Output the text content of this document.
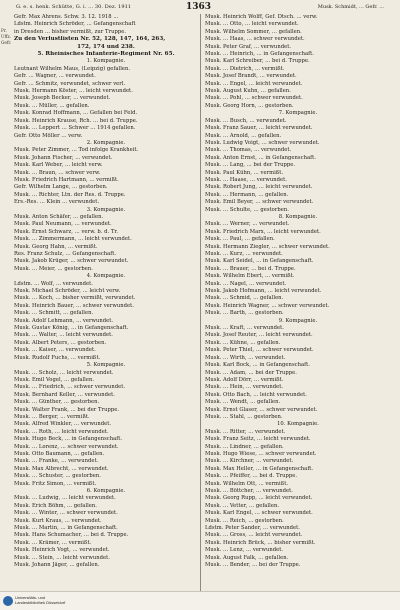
G. e. s. henk. Schütte, G. i. ... 30. Dez. 1911	1363	Musk. Schmidt, ... Gefr. ...
Pr.
Uffz.
Gefr.
Gefr. Max Ahrens. Schw. 3. 12. 1918 ...
Ldstm. Heinrich Schröder, ... Gefangenschaft
in Dresden ... bisher vermißt, zur Truppe.
Zu den Verlustlisten Nr. 52, 128, 147, 164, 263,
172, 174 und 238.
5. Rheinisches Infanterie-Regiment Nr. 65.
1. Kompagnie.
Leutnant Wilhelm Maus, (Leipzig) gefallen.
Gefr. ... Wagner, ... verwundet.
Gefr. ... Schmitz, verwundet, schwer verl.
Musk. Hermann Köster, ... leicht verwundet.
Musk. Joseph Becker, ... verwundet.
Musk. ... Müller, ... gefallen.
Musk. Konrad Hoffmann, ... Gefallen bei Feld.
Musk. Heinrich Krause, Rch. ... bei d. Truppe.
Musk. ... Leppert ... Schwer ... 1914 gefallen.
Gefr. Otto Möller ... verw.
2. Kompagnie.
Musk. Peter Zimmer, ... Tod infolge Krankheit.
Musk. Johann Fischer, ... verwundet.
Musk. Karl Weber, ... leicht verw.
Musk. ... Braun, ... schwer verw.
Musk. Friedrich Hartmann, ... vermißt.
Gefr. Wilhelm Lange, ... gestorben.
Musk. ... Richter, Ltn. der Res. d. Truppe.
Ers.-Res. ... Klein ... verwundet.
3. Kompagnie.
Musk. Anton Schäfer, ... gefallen.
Musk. Paul Neumann, ... verwundet.
Musk. Ernst Schwarz, ... verw. b. d. Tr.
Musk. ... Zimmermann, ... leicht verwundet.
Musk. Georg Hahn, ... vermißt.
Res. Franz Schulz, ... Gefangenschaft.
Musk. Jakob Krüger, ... schwer verwundet.
Musk. ... Meier, ... gestorben.
4. Kompagnie.
Ldstm. ... Wolf, ... verwundet.
Musk. Michael Schröder, ... leicht verw.
Musk. ... Koch, ... bisher vermißt, verwundet.
Musk. Heinrich Bauer, ... schwer verwundet.
Musk. ... Schmitt, ... gefallen.
Musk. Adolf Lehmann, ... verwundet.
Musk. Gustav König, ... in Gefangenschaft.
Musk. ... Walter, ... leicht verwundet.
Musk. Albert Peters, ... gestorben.
Musk. ... Kaiser, ... verwundet.
Musk. Rudolf Fuchs, ... vermißt.
5. Kompagnie.
Musk. ... Scholz, ... leicht verwundet.
Musk. Emil Vogel, ... gefallen.
Musk. ... Friedrich, ... schwer verwundet.
Musk. Bernhard Keller, ... verwundet.
Musk. ... Günther, ... gestorben.
Musk. Walter Frank, ... bei der Truppe.
Musk. ... Berger, ... vermißt.
Musk. Alfred Winkler, ... verwundet.
Musk. ... Roth, ... leicht verwundet.
Musk. Hugo Beck, ... in Gefangenschaft.
Musk. ... Lorenz, ... schwer verwundet.
Musk. Otto Baumann, ... gefallen.
Musk. ... Franke, ... verwundet.
Musk. Max Albrecht, ... verwundet.
Musk. ... Schuster, ... gestorben.
Musk. Fritz Simon, ... vermißt.
6. Kompagnie.
Musk. ... Ludwig, ... leicht verwundet.
Musk. Erich Böhm, ... gefallen.
Musk. ... Winter, ... schwer verwundet.
Musk. Kurt Kraus, ... verwundet.
Musk. ... Martin, ... in Gefangenschaft.
Musk. Hans Schumacher, ... bei d. Truppe.
Musk. ... Krämer, ... vermißt.
Musk. Heinrich Vogt, ... verwundet.
Musk. ... Stein, ... leicht verwundet.
Musk. Johann Jäger, ... gefallen.
Musk. Heinrich Wolff, Gef. Dtsch. ... verw.
Musk. ... Otto, ... leicht verwundet.
Musk. Wilhelm Sommer, ... gefallen.
Musk. ... Haas, ... schwer verwundet.
Musk. Peter Graf, ... verwundet.
Musk. ... Heinrich, ... in Gefangenschaft.
Musk. Karl Schreiber, ... bei d. Truppe.
Musk. ... Dietrich, ... vermißt.
Musk. Josef Brandt, ... verwundet.
Musk. ... Engel, ... leicht verwundet.
Musk. August Kuhn, ... gefallen.
Musk. ... Pohl, ... schwer verwundet.
Musk. Georg Horn, ... gestorben.
7. Kompagnie.
Musk. ... Busch, ... verwundet.
Musk. Franz Sauer, ... leicht verwundet.
Musk. ... Arnold, ... gefallen.
Musk. Ludwig Voigt, ... schwer verwundet.
Musk. ... Thomas, ... verwundet.
Musk. Anton Ernst, ... in Gefangenschaft.
Musk. ... Lang, ... bei der Truppe.
Musk. Paul Kühn, ... vermißt.
Musk. ... Haase, ... verwundet.
Musk. Robert Jung, ... leicht verwundet.
Musk. ... Hermann, ... gefallen.
Musk. Emil Beyer, ... schwer verwundet.
Musk. ... Schulte, ... gestorben.
8. Kompagnie.
Musk. ... Werner, ... verwundet.
Musk. Friedrich Marx, ... leicht verwundet.
Musk. ... Paul, ... gefallen.
Musk. Hermann Ziegler, ... schwer verwundet.
Musk. ... Kurz, ... verwundet.
Musk. Karl Seidel, ... in Gefangenschaft.
Musk. ... Brauer, ... bei d. Truppe.
Musk. Wilhelm Ebert, ... vermißt.
Musk. ... Nagel, ... verwundet.
Musk. Jakob Hofmann, ... leicht verwundet.
Musk. ... Schmid, ... gefallen.
Musk. Heinrich Wagner, ... schwer verwundet.
Musk. ... Barth, ... gestorben.
9. Kompagnie.
Musk. ... Kraft, ... verwundet.
Musk. Josef Reuter, ... leicht verwundet.
Musk. ... Kühne, ... gefallen.
Musk. Peter Thiel, ... schwer verwundet.
Musk. ... Wirth, ... verwundet.
Musk. Karl Bock, ... in Gefangenschaft.
Musk. ... Adam, ... bei der Truppe.
Musk. Adolf Dörr, ... vermißt.
Musk. ... Hein, ... verwundet.
Musk. Otto Bach, ... leicht verwundet.
Musk. ... Wendt, ... gefallen.
Musk. Ernst Glaser, ... schwer verwundet.
Musk. ... Stahl, ... gestorben.
10. Kompagnie.
Musk. ... Ritter, ... verwundet.
Musk. Franz Seitz, ... leicht verwundet.
Musk. ... Lindner, ... gefallen.
Musk. Hugo Wiese, ... schwer verwundet.
Musk. ... Kirchner, ... verwundet.
Musk. Max Heller, ... in Gefangenschaft.
Musk. ... Pfeiffer, ... bei d. Truppe.
Musk. Wilhelm Ott, ... vermißt.
Musk. ... Böttcher, ... verwundet.
Musk. Georg Rupp, ... leicht verwundet.
Musk. ... Vetter, ... gefallen.
Musk. Karl Engel, ... schwer verwundet.
Musk. ... Reich, ... gestorben.
Ldstm. Peter Sander, ... verwundet.
Musk. ... Gross, ... leicht verwundet.
Musk. Heinrich Brück, ... bisher vermißt.
Musk. ... Lenz, ... verwundet.
Musk. August Falk, ... gefallen.
Musk. ... Bender, ... bei der Truppe.
Universitäts- und
Landesbibliothek Düsseldorf
